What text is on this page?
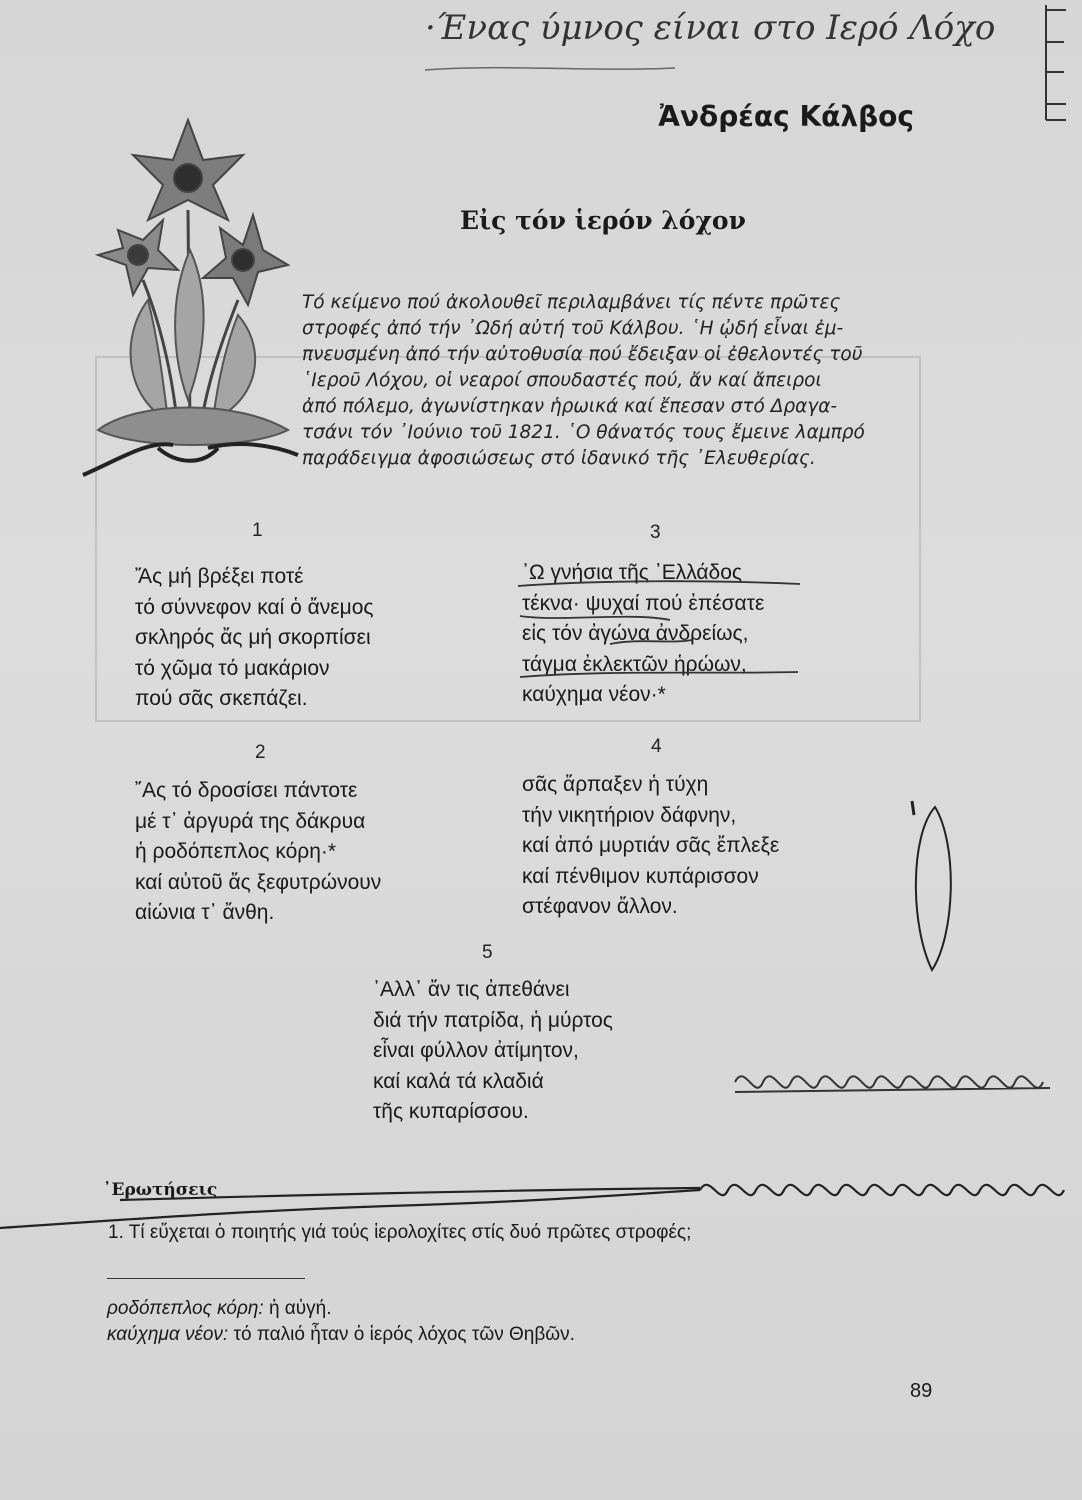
·Ένας ύμνος είναι στο Ιερό Λόχο
Ἀνδρέας Κάλβος
Εἰς τόν ἱερόν λόχον
Τό κείμενο πού ἀκολουθεῖ περιλαμβάνει τίς πέντε πρῶτες
στροφές ἀπό τήν ᾿Ωδή αὐτή τοῦ Κάλβου. ῾Η ᾠδή εἶναι ἐμ-
πνευσμένη ἀπό τήν αὐτοθυσία πού ἔδειξαν οἱ ἐθελοντές τοῦ
῾Ιεροῦ Λόχου, οἱ νεαροί σπουδαστές πού, ἄν καί ἄπειροι
ἀπό πόλεμο, ἀγωνίστηκαν ἡρωικά καί ἔπεσαν στό Δραγα-
τσάνι τόν ᾿Ιούνιο τοῦ 1821. ῾Ο θάνατός τους ἔμεινε λαμπρό
παράδειγμα ἀφοσιώσεως στό ἰδανικό τῆς ᾿Ελευθερίας.
1
Ἄς μή βρέξει ποτέ
τό σύννεφον καί ὁ ἄνεμος
σκληρός ἄς μή σκορπίσει
τό χῶμα τό μακάριον
πού σᾶς σκεπάζει.
2
῎Ας τό δροσίσει πάντοτε
μέ τ᾿ ἀργυρά της δάκρυα
ἡ ροδόπεπλος κόρη·*
καί αὐτοῦ ἄς ξεφυτρώνουν
αἰώνια τ᾿ ἄνθη.
3
᾿Ω γνήσια τῆς ᾿Ελλάδος
τέκνα· ψυχαί πού ἐπέσατε
εἰς τόν ἀγώνα ἀνδρείως,
τάγμα ἐκλεκτῶν ἡρώων,
καύχημα νέον·*
4
σᾶς ἅρπαξεν ἡ τύχη
τήν νικητήριον δάφνην,
καί ἀπό μυρτιάν σᾶς ἔπλεξε
καί πένθιμον κυπάρισσον
στέφανον ἄλλον.
5
᾿Αλλ᾿ ἄν τις ἀπεθάνει
διά τήν πατρίδα, ἡ μύρτος
εἶναι φύλλον ἀτίμητον,
καί καλά τά κλαδιά
τῆς κυπαρίσσου.
᾿Ερωτήσεις
1. Τί εὔχεται ὁ ποιητής γιά τούς ἱερολοχίτες στίς δυό πρῶτες στροφές;
ροδόπεπλος κόρη: ἡ αὐγή.
καύχημα νέον: τό παλιό ἦταν ὁ ἱερός λόχος τῶν Θηβῶν.
89
